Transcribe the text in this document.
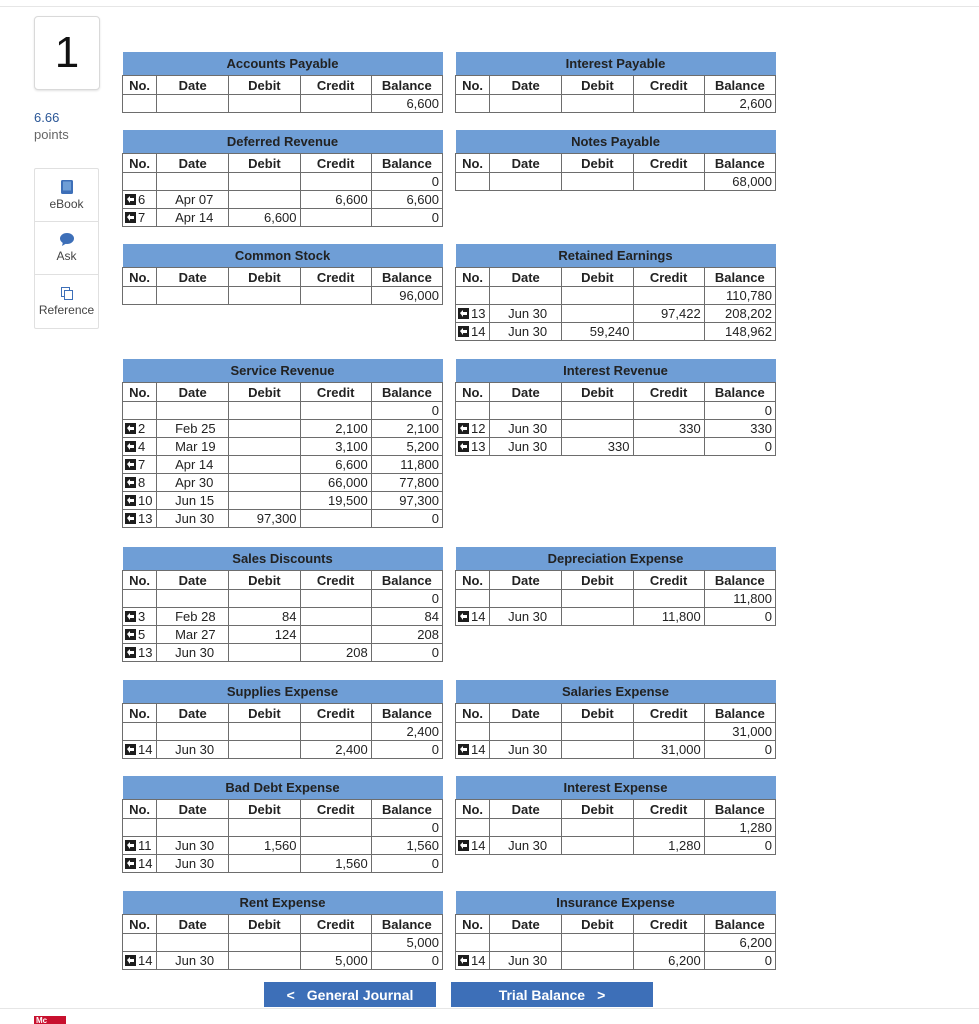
1
6.66
points
eBook
Ask
Reference
Accounts Payable				
No.	Date	Debit	Credit	Balance
				6,600
Interest Payable				
No.	Date	Debit	Credit	Balance
				2,600
Deferred Revenue				
No.	Date	Debit	Credit	Balance
				0

6	Apr 07		6,600	6,600

7	Apr 14	6,600		0
Notes Payable				
No.	Date	Debit	Credit	Balance
				68,000
Common Stock				
No.	Date	Debit	Credit	Balance
				96,000
Retained Earnings				
No.	Date	Debit	Credit	Balance
				110,780

13	Jun 30		97,422	208,202

14	Jun 30	59,240		148,962
Service Revenue				
No.	Date	Debit	Credit	Balance
				0

2	Feb 25		2,100	2,100

4	Mar 19		3,100	5,200

7	Apr 14		6,600	11,800

8	Apr 30		66,000	77,800

10	Jun 15		19,500	97,300

13	Jun 30	97,300		0
Interest Revenue				
No.	Date	Debit	Credit	Balance
				0

12	Jun 30		330	330

13	Jun 30	330		0
Sales Discounts				
No.	Date	Debit	Credit	Balance
				0

3	Feb 28	84		84

5	Mar 27	124		208

13	Jun 30		208	0
Depreciation Expense				
No.	Date	Debit	Credit	Balance
				11,800

14	Jun 30		11,800	0
Supplies Expense				
No.	Date	Debit	Credit	Balance
				2,400

14	Jun 30		2,400	0
Salaries Expense				
No.	Date	Debit	Credit	Balance
				31,000

14	Jun 30		31,000	0
Bad Debt Expense				
No.	Date	Debit	Credit	Balance
				0

11	Jun 30	1,560		1,560

14	Jun 30		1,560	0
Interest Expense				
No.	Date	Debit	Credit	Balance
				1,280

14	Jun 30		1,280	0
Rent Expense				
No.	Date	Debit	Credit	Balance
				5,000

14	Jun 30		5,000	0
Insurance Expense				
No.	Date	Debit	Credit	Balance
				6,200

14	Jun 30		6,200	0
< General Journal	Trial Balance >
Mc
